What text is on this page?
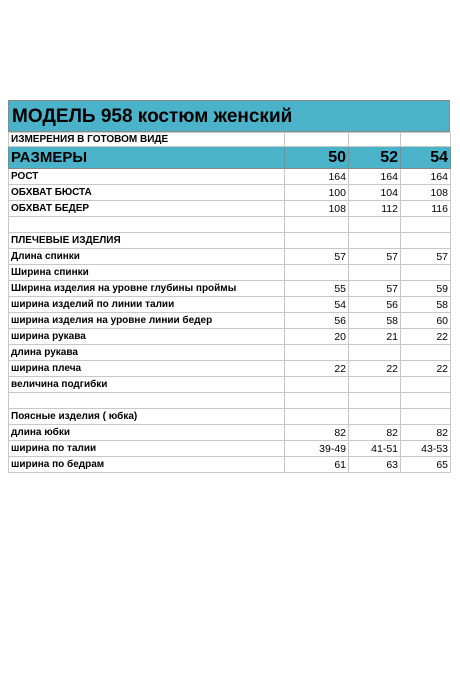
МОДЕЛЬ 958 костюм женский
ИЗМЕРЕНИЯ В ГОТОВОМ ВИДЕ			
РАЗМЕРЫ	50	52	54
РОСТ	164	164	164
ОБХВАТ БЮСТА	100	104	108
ОБХВАТ БЕДЕР	108	112	116

ПЛЕЧЕВЫЕ ИЗДЕЛИЯ			
Длина спинки	57	57	57
Ширина спинки			
Ширина изделия на уровне глубины проймы	55	57	59
ширина изделий по линии талии	54	56	58
ширина изделия на уровне линии бедер	56	58	60
ширина рукава	20	21	22
длина рукава			
ширина плеча	22	22	22
величина подгибки			

Поясные изделия ( юбка)			
длина юбки	82	82	82
ширина по талии	39-49	41-51	43-53
ширина по бедрам	61	63	65
